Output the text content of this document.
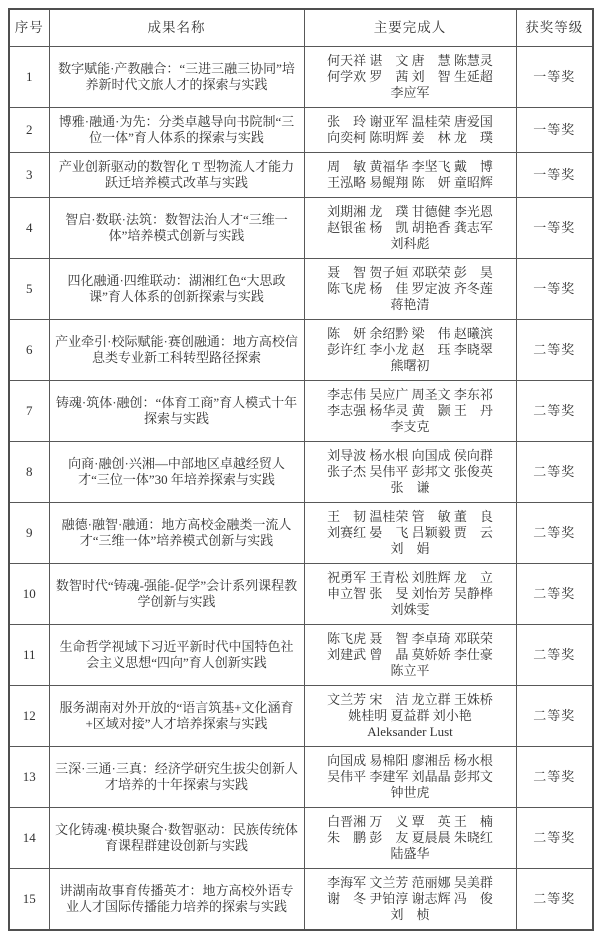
序号	成果名称	主要完成人	获奖等级
1	数字赋能·产教融合：“三进三融三协同”培养新时代文旅人才的探索与实践	何天祥 谌　文 唐　慧 陈慧灵
何学欢 罗　茜 刘　智 生延超
李应军	一等奖
2	博雅·融通·为先：分类卓越导向书院制“三位一体”育人体系的探索与实践	张　玲 谢亚军 温桂荣 唐爱国
向奕柯 陈明辉 姜　林 龙　璞	一等奖
3	产业创新驱动的数智化 T 型物流人才能力跃迁培养模式改革与实践	周　敏 黄福华 李坚飞 戴　博
王泓略 易鲲翔 陈　妍 童昭辉	一等奖
4	智启·数联·法筑：数智法治人才“三维一体”培养模式创新与实践	刘期湘 龙　璞 甘德健 李光恩
赵银雀 杨　凯 胡艳香 龚志军
刘科彪	一等奖
5	四化融通·四维联动：湖湘红色“大思政课”育人体系的创新探索与实践	聂　智 贺子姮 邓联荣 彭　昊
陈飞虎 杨　佳 罗定波 齐冬莲
蒋艳清	一等奖
6	产业牵引·校际赋能·赛创融通：地方高校信息类专业新工科转型路径探索	陈　妍 余绍黔 梁　伟 赵曦滨
彭许红 李小龙 赵　珏 李晓翠
熊曙初	二等奖
7	铸魂·筑体·融创：“体育工商”育人模式十年探索与实践	李志伟 吴应广 周圣文 李东祁
李志强 杨华灵 黄　颢 王　丹
李支克	二等奖
8	向商·融创·兴湘—中部地区卓越经贸人才“三位一体”30 年培养探索与实践	刘导波 杨水根 向国成 侯向群
张子杰 吴伟平 彭邦文 张俊英
张　谦	二等奖
9	融德·融智·融通：地方高校金融类一流人才“三维一体”培养模式创新与实践	王　韧 温桂荣 管　敏 董　良
刘赛红 晏　飞 吕颖毅 贾　云
刘　娟	二等奖
10	数智时代“铸魂-强能-促学”会计系列课程教学创新与实践	祝勇军 王青松 刘胜辉 龙　立
申立智 张　旻 刘怡芳 吴静桦
刘姝雯	二等奖
11	生命哲学视域下习近平新时代中国特色社会主义思想“四向”育人创新实践	陈飞虎 聂　智 李卓琦 邓联荣
刘建武 曾　晶 莫娇娇 李仕豪
陈立平	二等奖
12	服务湖南对外开放的“语言筑基+文化涵育+区域对接”人才培养探索与实践	文兰芳 宋　洁 龙立群 王姝桥
姚桂明 夏益群 刘小艳
Aleksander Lust	二等奖
13	三深·三通·三真：经济学研究生拔尖创新人才培养的十年探索与实践	向国成 易棉阳 廖湘岳 杨水根
吴伟平 李建军 刘晶晶 彭邦文
钟世虎	二等奖
14	文化铸魂·模块聚合·数智驱动：民族传统体育课程群建设创新与实践	白晋湘 万　义 覃　英 王　楠
朱　鹏 彭　友 夏晨晨 朱晓红
陆盛华	二等奖
15	讲湖南故事育传播英才：地方高校外语专业人才国际传播能力培养的探索与实践	李海军 文兰芳 范丽娜 吴美群
谢　冬 尹铂淳 谢志辉 冯　俊
刘　桢	二等奖
